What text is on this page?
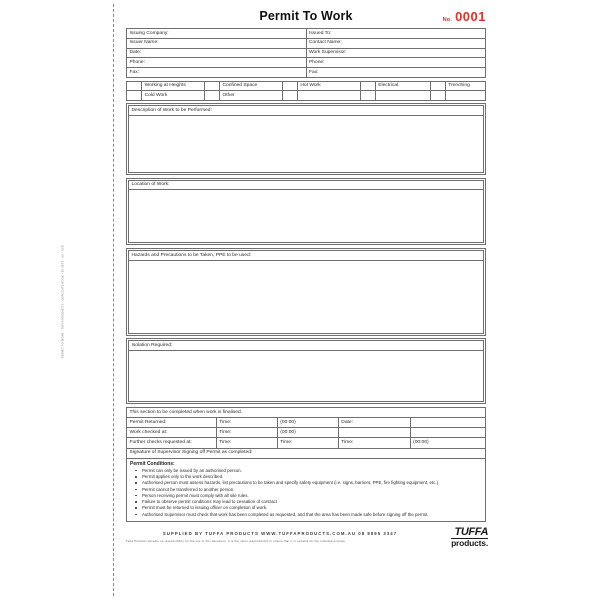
PERMIT TO WORK · TUFFA PRODUCTS · DUPLICATE BOOK · 50 SETS · A5 · NCR
Permit To Work	No. 0001
Issuing Company:	Issued To:
Issuer Name:	Contact Name:
Date:	Work Supervisor:
Phone:	Phone:
Fax:	Fax:
	Working at Heights		Confined Space		Hot Work		Electrical		Trenching
	Cold Work		Other						
Description of Work to be Performed:
Location of Work:
Hazards and Precautions to be Taken, PPE to be used:
Isolation Required:
This section to be completed when work is finalised.				
Permit Returned:	Time:	(00:00)	Date:	
Work checked at:	Time:	(00:00)		
Further checks requested at:	Time:	Time:	Time:	(00:00)
Signature of Supervisor Signing off Permit as completed:				
Permit Conditions:
Permit can only be issued by an authorised person.
Permit applies only to the work described.
Authorised person must assess hazards, list precautions to be taken and specify safety equipment (i.e. signs, barriers, PPE, fire fighting equipment, etc.)
Permit cannot be transferred to another person.
Person receiving permit must comply with all site rules.
Failure to observe permit conditions may lead to cessation of contract
Permit must be returned to issuing officer on completion of work.
Authorised Supervisor must check that work has been completed as requested, and that the area has been made safe before signing off the permit.
SUPPLIED BY TUFFA PRODUCTS WWW.TUFFAPRODUCTS.COM.AU 08 8895 3347
Tuffa Products accepts no responsibility for the use of this document. It is the users responsibility to ensure that it is suitable for the intended purpose.
TUFFA
products.
